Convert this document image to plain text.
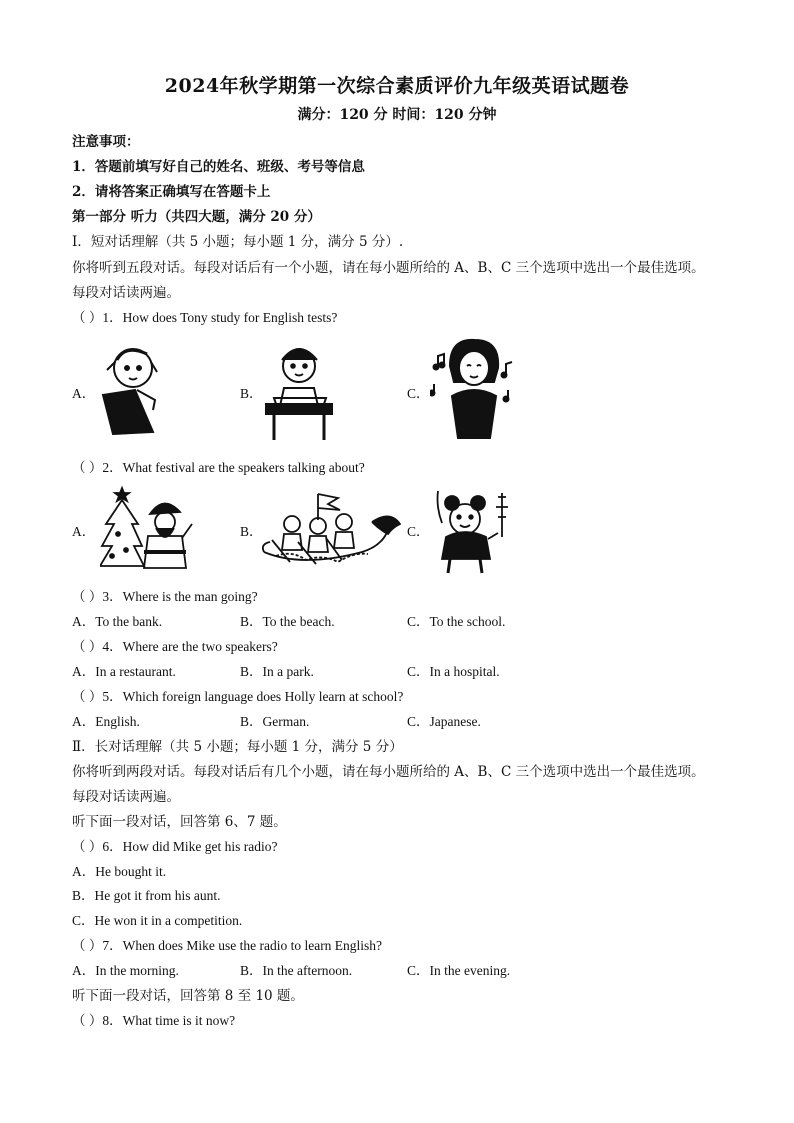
2024年秋学期第一次综合素质评价九年级英语试题卷
满分：120 分 时间：120 分钟
注意事项：
1．答题前填写好自己的姓名、班级、考号等信息
2．请将答案正确填写在答题卡上
第一部分 听力（共四大题，满分 20 分）
Ⅰ．短对话理解（共 5 小题；每小题 1 分，满分 5 分）.
你将听到五段对话。每段对话后有一个小题，请在每小题所给的 A、B、C 三个选项中选出一个最佳选项。
每段对话读两遍。
（ ）1．How does Tony study for English tests?
A．	B．	C．
（ ）2．What festival are the speakers talking about?
A．	B．	C．
（ ）3．Where is the man going?
A．To the bank.	B．To the beach.	C．To the school.
（ ）4．Where are the two speakers?
A．In a restaurant.	B．In a park.	C．In a hospital.
（ ）5．Which foreign language does Holly learn at school?
A．English.	B．German.	C．Japanese.
Ⅱ．长对话理解（共 5 小题；每小题 1 分，满分 5 分）
你将听到两段对话。每段对话后有几个小题，请在每小题所给的 A、B、C 三个选项中选出一个最佳选项。
每段对话读两遍。
听下面一段对话，回答第 6、7 题。
（ ）6．How did Mike get his radio?
A．He bought it.
B．He got it from his aunt.
C．He won it in a competition.
（ ）7．When does Mike use the radio to learn English?
A．In the morning.	B．In the afternoon.	C．In the evening.
听下面一段对话，回答第 8 至 10 题。
（ ）8．What time is it now?
